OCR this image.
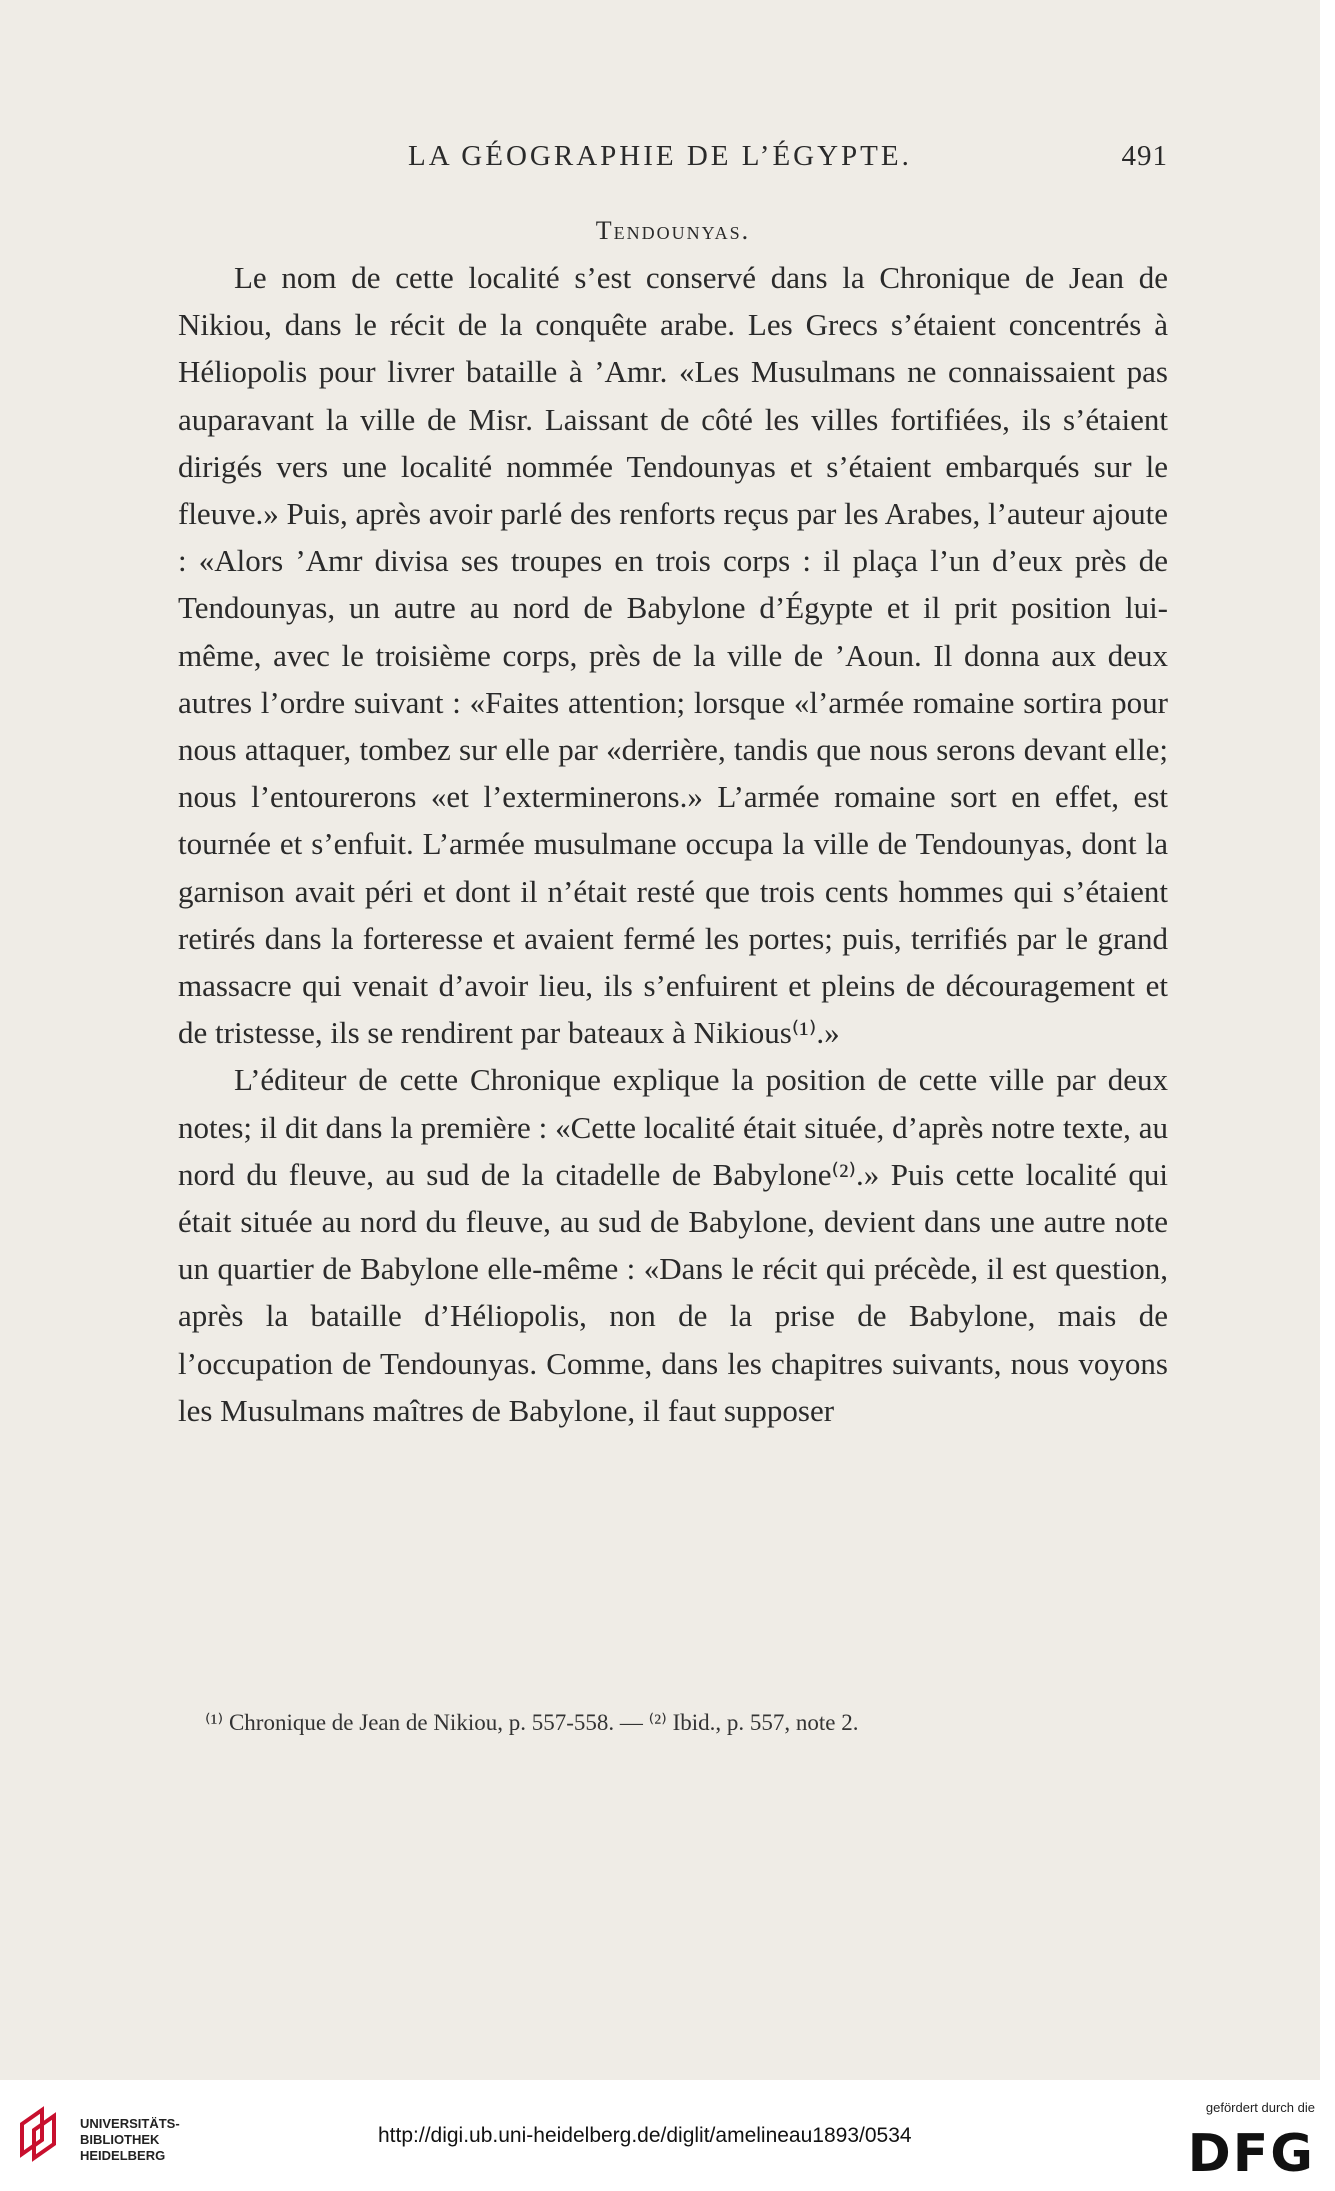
LA GÉOGRAPHIE DE L’ÉGYPTE.	491
Tendounyas.

Le nom de cette localité s’est conservé dans la Chronique de Jean de Nikiou, dans le récit de la conquête arabe. Les Grecs s’étaient concentrés à Héliopolis pour livrer bataille à ’Amr. «Les Musulmans ne connaissaient pas auparavant la ville de Misr. Laissant de côté les villes fortifiées, ils s’étaient dirigés vers une localité nommée Tendounyas et s’étaient embarqués sur le fleuve.» Puis, après avoir parlé des renforts reçus par les Arabes, l’auteur ajoute : «Alors ’Amr divisa ses troupes en trois corps : il plaça l’un d’eux près de Tendounyas, un autre au nord de Babylone d’Égypte et il prit position lui-même, avec le troisième corps, près de la ville de ’Aoun. Il donna aux deux autres l’ordre suivant : «Faites attention; lorsque «l’armée romaine sortira pour nous attaquer, tombez sur elle par «derrière, tandis que nous serons devant elle; nous l’entourerons «et l’exterminerons.» L’armée romaine sort en effet, est tournée et s’enfuit. L’armée musulmane occupa la ville de Tendounyas, dont la garnison avait péri et dont il n’était resté que trois cents hommes qui s’étaient retirés dans la forteresse et avaient fermé les portes; puis, terrifiés par le grand massacre qui venait d’avoir lieu, ils s’enfuirent et pleins de découragement et de tristesse, ils se rendirent par bateaux à Nikious⁽¹⁾.»

L’éditeur de cette Chronique explique la position de cette ville par deux notes; il dit dans la première : «Cette localité était située, d’après notre texte, au nord du fleuve, au sud de la citadelle de Babylone⁽²⁾.» Puis cette localité qui était située au nord du fleuve, au sud de Babylone, devient dans une autre note un quartier de Babylone elle-même : «Dans le récit qui précède, il est question, après la bataille d’Héliopolis, non de la prise de Babylone, mais de l’occupation de Tendounyas. Comme, dans les chapitres suivants, nous voyons les Musulmans maîtres de Babylone, il faut supposer

⁽¹⁾ Chronique de Jean de Nikiou, p. 557-558. — ⁽²⁾ Ibid., p. 557, note 2.
UNIVERSITÄTS-
BIBLIOTHEK
HEIDELBERG
http://digi.ub.uni-heidelberg.de/diglit/amelineau1893/0534
gefördert durch die
DFG
